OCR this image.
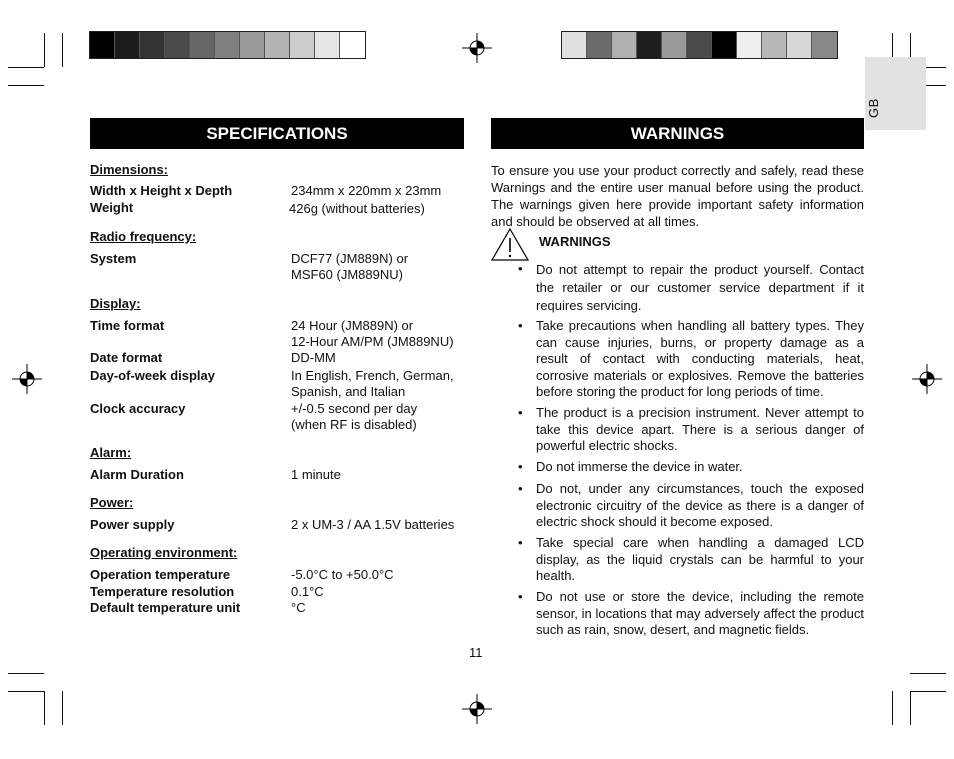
GB
SPECIFICATIONS
Dimensions:
Width x Height x Depth	234mm x 220mm x 23mm
Weight	426g (without batteries)
Radio frequency:
System	DCF77 (JM889N) or
MSF60 (JM889NU)
Display:
Time format	24 Hour (JM889N) or
12-Hour AM/PM (JM889NU)
Date format	DD-MM
Day-of-week display	In English, French, German,
Spanish, and Italian
Clock accuracy	+/-0.5 second per day
(when RF is disabled)
Alarm:
Alarm Duration	1 minute
Power:
Power supply	2 x UM-3 / AA 1.5V batteries
Operating environment:
Operation temperature	-5.0°C to +50.0°C
Temperature resolution	0.1°C
Default temperature unit	°C
WARNINGS
To ensure you use your product correctly and safely, read these Warnings and the entire user manual before using the product. The warnings given here provide important safety information and should be observed at all times.
WARNINGS
• Do not attempt to repair the product yourself. Contact the retailer or our customer service department if it requires servicing.
• Take precautions when handling all battery types. They can cause injuries, burns, or property damage as a result of contact with conducting materials, heat, corrosive materials or explosives. Remove the batteries before storing the product for long periods of time.
• The product is a precision instrument. Never attempt to take this device apart. There is a serious danger of powerful electric shocks.
• Do not immerse the device in water.
• Do not, under any circumstances, touch the exposed electronic circuitry of the device as there is a danger of electric shock should it become exposed.
• Take special care when handling a damaged LCD display, as the liquid crystals can be harmful to your health.
• Do not use or store the device, including the remote sensor, in locations that may adversely affect the product such as rain, snow, desert, and magnetic fields.
11
